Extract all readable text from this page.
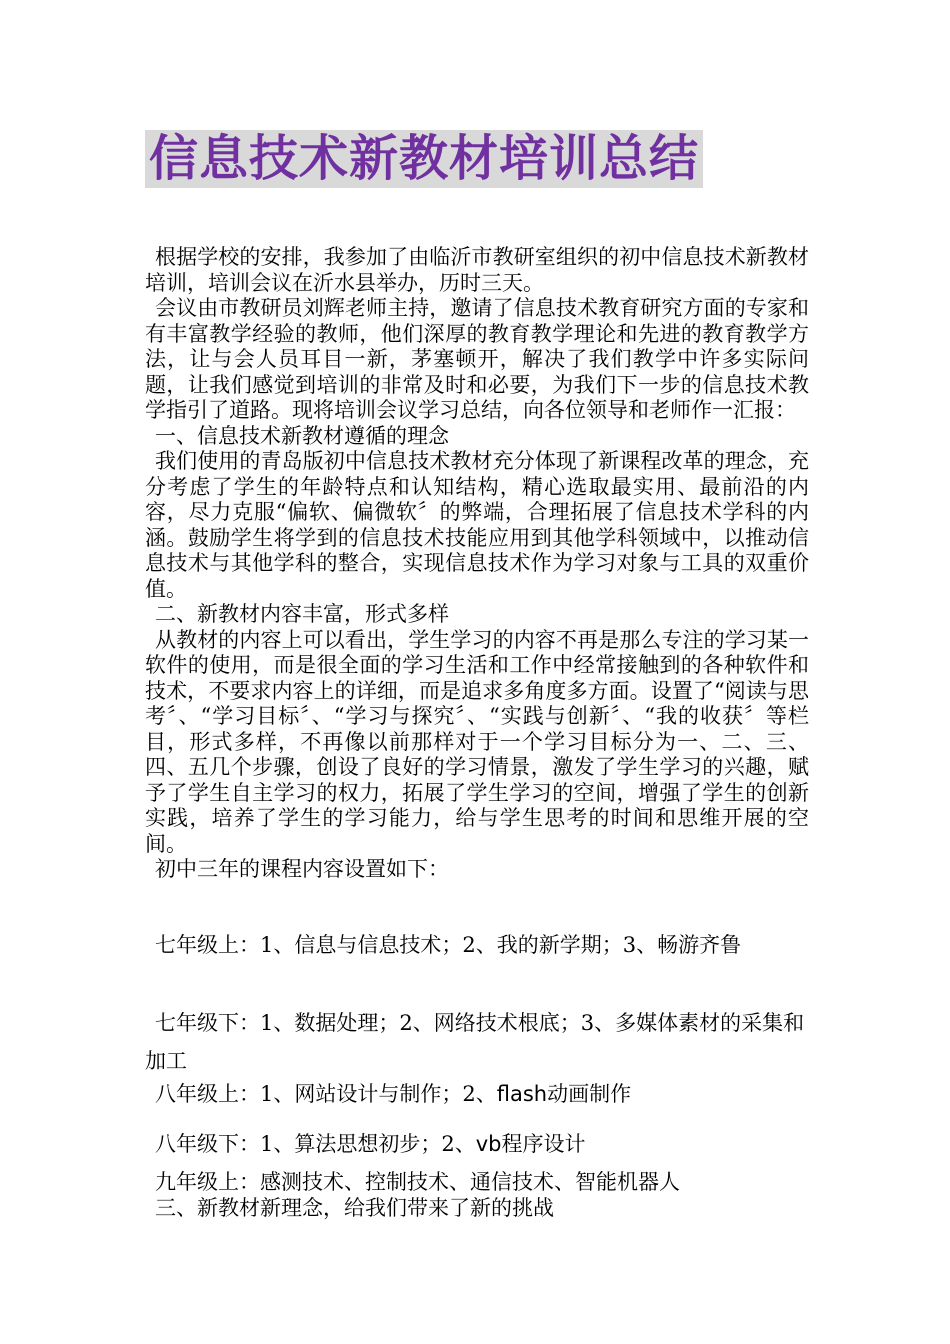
信息技术新教材培训总结

根据学校的安排，我参加了由临沂市教研室组织的初中信息技术新教材培训，培训会议在沂水县举办，历时三天。

会议由市教研员刘辉老师主持，邀请了信息技术教育研究方面的专家和有丰富教学经验的教师，他们深厚的教育教学理论和先进的教育教学方法，让与会人员耳目一新，茅塞顿开，解决了我们教学中许多实际问题，让我们感觉到培训的非常及时和必要，为我们下一步的信息技术教学指引了道路。现将培训会议学习总结，向各位领导和老师作一汇报：

一、信息技术新教材遵循的理念

我们使用的青岛版初中信息技术教材充分体现了新课程改革的理念，充分考虑了学生的年龄特点和认知结构，精心选取最实用、最前沿的内容，尽力克服“偏软、偏微软〞的弊端，合理拓展了信息技术学科的内涵。鼓励学生将学到的信息技术技能应用到其他学科领域中，以推动信息技术与其他学科的整合，实现信息技术作为学习对象与工具的双重价值。

二、新教材内容丰富，形式多样

从教材的内容上可以看出，学生学习的内容不再是那么专注的学习某一软件的使用，而是很全面的学习生活和工作中经常接触到的各种软件和技术，不要求内容上的详细，而是追求多角度多方面。设置了“阅读与思考〞、“学习目标〞、“学习与探究〞、“实践与创新〞、“我的收获〞等栏目，形式多样，不再像以前那样对于一个学习目标分为一、二、三、四、五几个步骤，创设了良好的学习情景，激发了学生学习的兴趣，赋予了学生自主学习的权力，拓展了学生学习的空间，增强了学生的创新实践，培养了学生的学习能力，给与学生思考的时间和思维开展的空间。

初中三年的课程内容设置如下：

七年级上：1、信息与信息技术；2、我的新学期；3、畅游齐鲁

七年级下：1、数据处理；2、网络技术根底；3、多媒体素材的采集和加工

八年级上：1、网站设计与制作；2、flash动画制作

八年级下：1、算法思想初步；2、vb程序设计

九年级上：感测技术、控制技术、通信技术、智能机器人

三、新教材新理念，给我们带来了新的挑战
